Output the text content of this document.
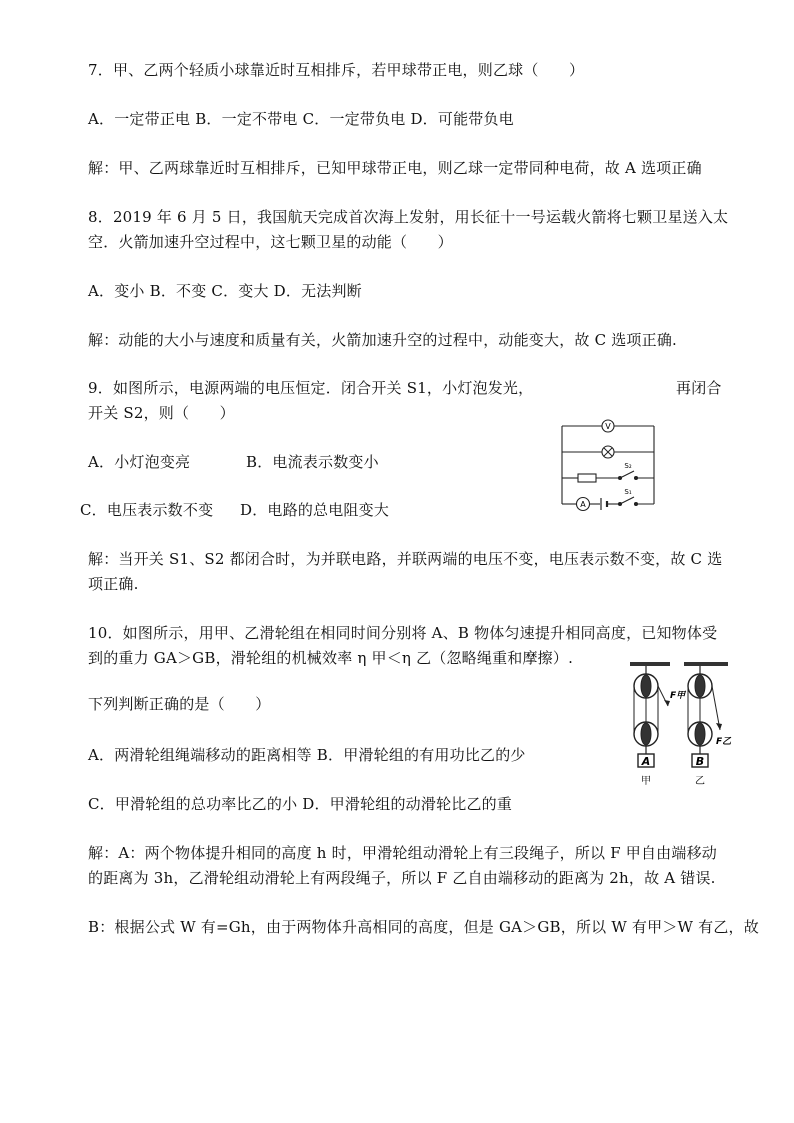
7．甲、乙两个轻质小球靠近时互相排斥，若甲球带正电，则乙球（　　）
A．一定带正电 B．一定不带电 C．一定带负电 D．可能带负电
解：甲、乙两球靠近时互相排斥，已知甲球带正电，则乙球一定带同种电荷，故 A 选项正确
8．2019 年 6 月 5 日，我国航天完成首次海上发射，用长征十一号运载火箭将七颗卫星送入太
空．火箭加速升空过程中，这七颗卫星的动能（　　）
A．变小 B．不变 C．变大 D．无法判断
解：动能的大小与速度和质量有关，火箭加速升空的过程中，动能变大，故 C 选项正确.
9．如图所示，电源两端的电压恒定．闭合开关 S1，小灯泡发光，	再闭合
开关 S2，则（　　）
A．小灯泡变亮	B．电流表示数变小
C．电压表示数不变 D．电路的总电阻变大
解：当开关 S1、S2 都闭合时，为并联电路，并联两端的电压不变，电压表示数不变，故 C 选
项正确.
V
S₂
A
S₁
10．如图所示，用甲、乙滑轮组在相同时间分别将 A、B 物体匀速提升相同高度，已知物体受
到的重力 GA＞GB，滑轮组的机械效率 η 甲＜η 乙（忽略绳重和摩擦）.
下列判断正确的是（　　）
A．两滑轮组绳端移动的距离相等 B．甲滑轮组的有用功比乙的少
C．甲滑轮组的总功率比乙的小 D．甲滑轮组的动滑轮比乙的重
解：A：两个物体提升相同的高度 h 时，甲滑轮组动滑轮上有三段绳子，所以 F 甲自由端移动
的距离为 3h，乙滑轮组动滑轮上有两段绳子，所以 F 乙自由端移动的距离为 2h，故 A 错误.
B：根据公式 W 有=Gh，由于两物体升高相同的高度，但是 GA＞GB，所以 W 有甲＞W 有乙，故
F甲
A
甲
F乙
B
乙
